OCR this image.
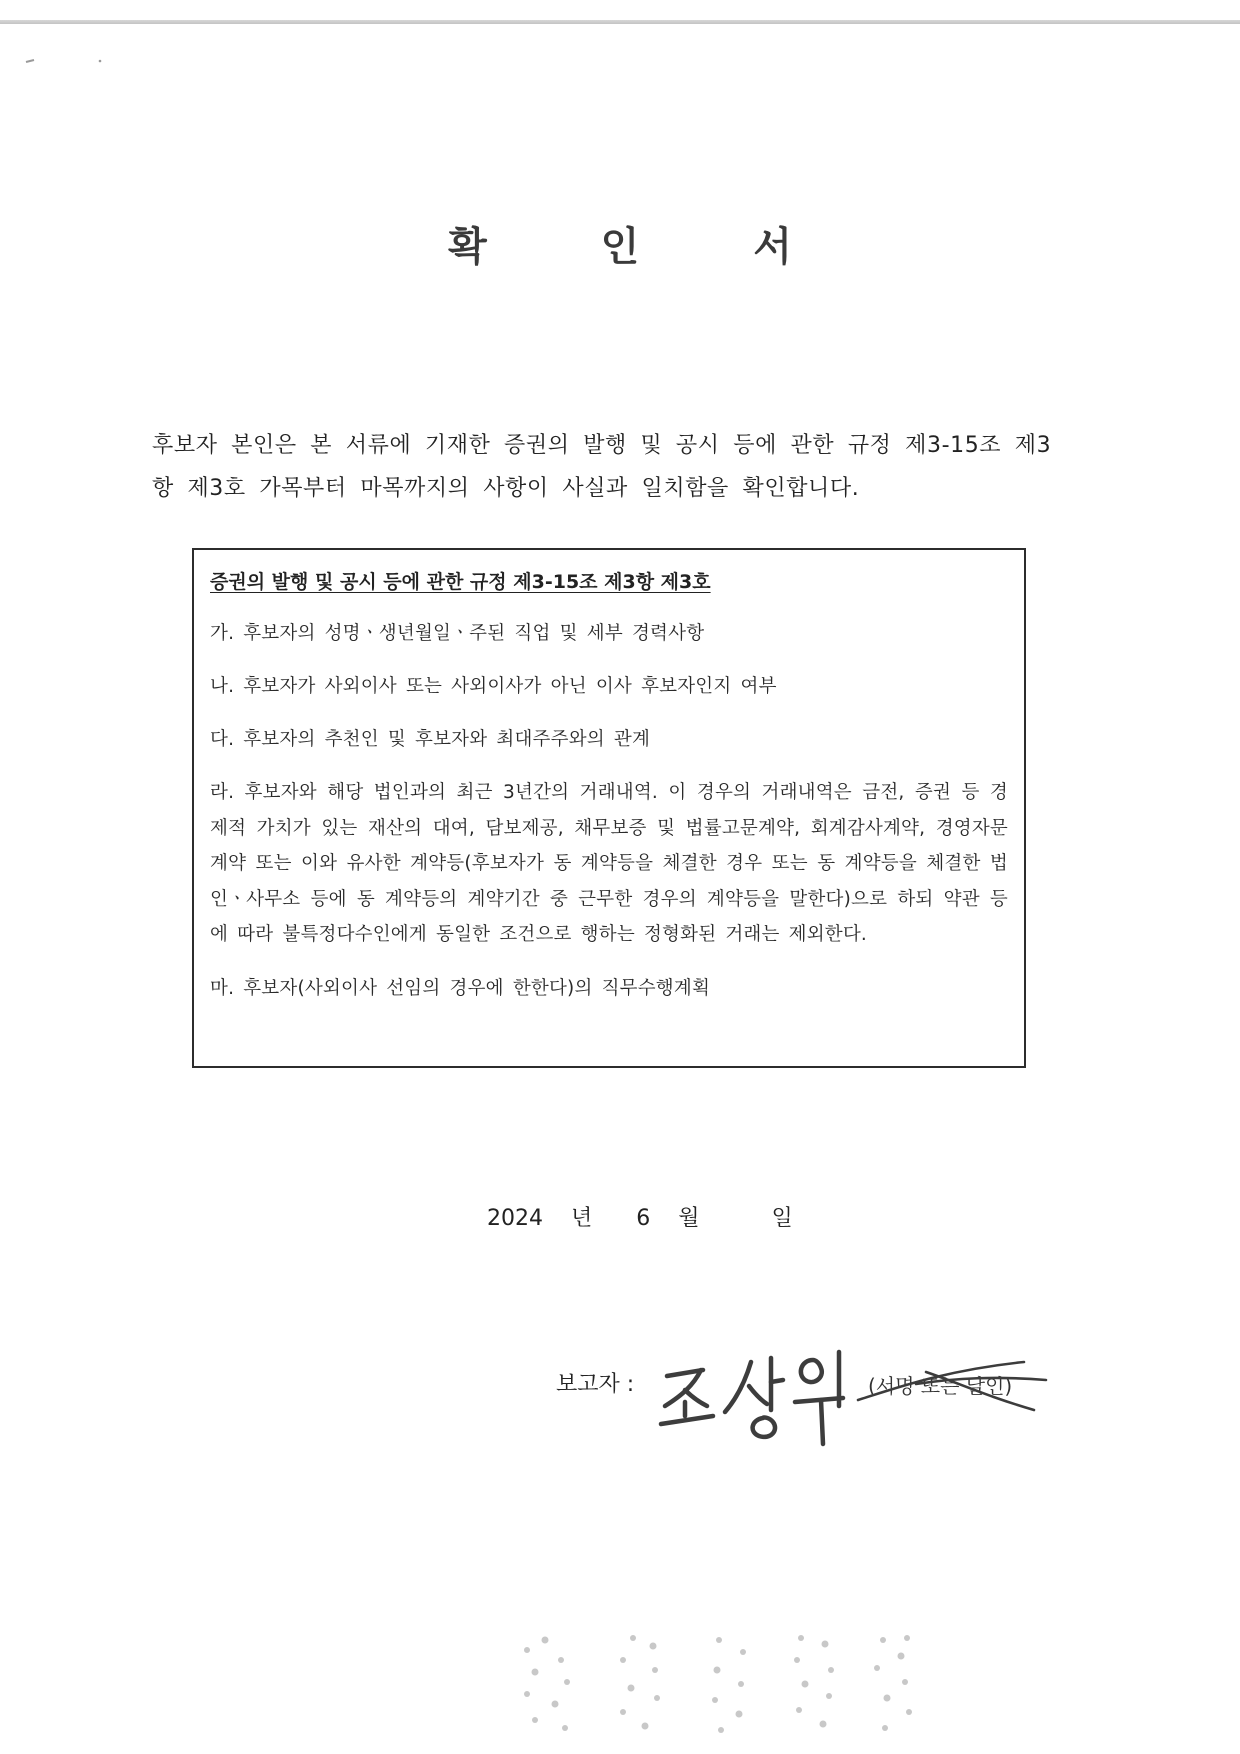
확 인 서

후보자 본인은 본 서류에 기재한 증권의 발행 및 공시 등에 관한 규정 제3-15조 제3항 제3호 가목부터 마목까지의 사항이 사실과 일치함을 확인합니다.

증권의 발행 및 공시 등에 관한 규정 제3-15조 제3항 제3호

가. 후보자의 성명ㆍ생년월일ㆍ주된 직업 및 세부 경력사항

나. 후보자가 사외이사 또는 사외이사가 아닌 이사 후보자인지 여부

다. 후보자의 추천인 및 후보자와 최대주주와의 관계

라. 후보자와 해당 법인과의 최근 3년간의 거래내역. 이 경우의 거래내역은 금전, 증권 등 경제적 가치가 있는 재산의 대여, 담보제공, 채무보증 및 법률고문계약, 회계감사계약, 경영자문계약 또는 이와 유사한 계약등(후보자가 동 계약등을 체결한 경우 또는 동 계약등을 체결한 법인ㆍ사무소 등에 동 계약등의 계약기간 중 근무한 경우의 계약등을 말한다)으로 하되 약관 등에 따라 불특정다수인에게 동일한 조건으로 행하는 정형화된 거래는 제외한다.

마. 후보자(사외이사 선임의 경우에 한한다)의 직무수행계획

2024 년 6 월	일
보고자 :	(서명 또는 날인)
